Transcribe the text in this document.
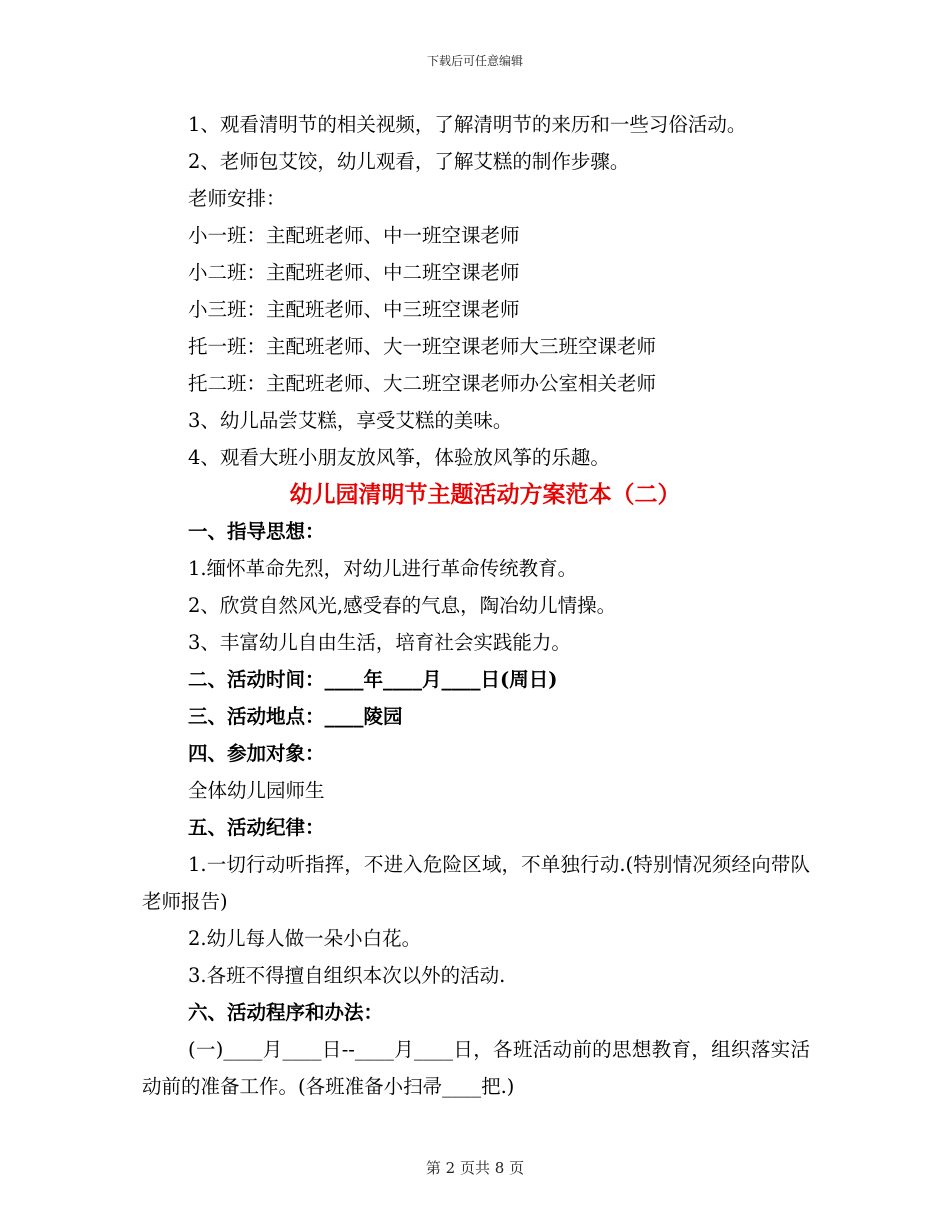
下载后可任意编辑
1、观看清明节的相关视频，了解清明节的来历和一些习俗活动。
2、老师包艾饺，幼儿观看，了解艾糕的制作步骤。
老师安排：
小一班：主配班老师、中一班空课老师
小二班：主配班老师、中二班空课老师
小三班：主配班老师、中三班空课老师
托一班：主配班老师、大一班空课老师大三班空课老师
托二班：主配班老师、大二班空课老师办公室相关老师
3、幼儿品尝艾糕，享受艾糕的美味。
4、观看大班小朋友放风筝，体验放风筝的乐趣。
幼儿园清明节主题活动方案范本（二）
一、指导思想：
1.缅怀革命先烈，对幼儿进行革命传统教育。
2、欣赏自然风光,感受春的气息，陶冶幼儿情操。
3、丰富幼儿自由生活，培育社会实践能力。
二、活动时间：____年____月____日(周日)
三、活动地点：____陵园
四、参加对象：
全体幼儿园师生
五、活动纪律：
1.一切行动听指挥，不进入危险区域，不单独行动.(特别情况须经向带队老师报告)
2.幼儿每人做一朵小白花。
3.各班不得擅自组织本次以外的活动.
六、活动程序和办法：
(一)____月____日--____月____日，各班活动前的思想教育，组织落实活动前的准备工作。(各班准备小扫帚____把.)
第 2 页共 8 页
